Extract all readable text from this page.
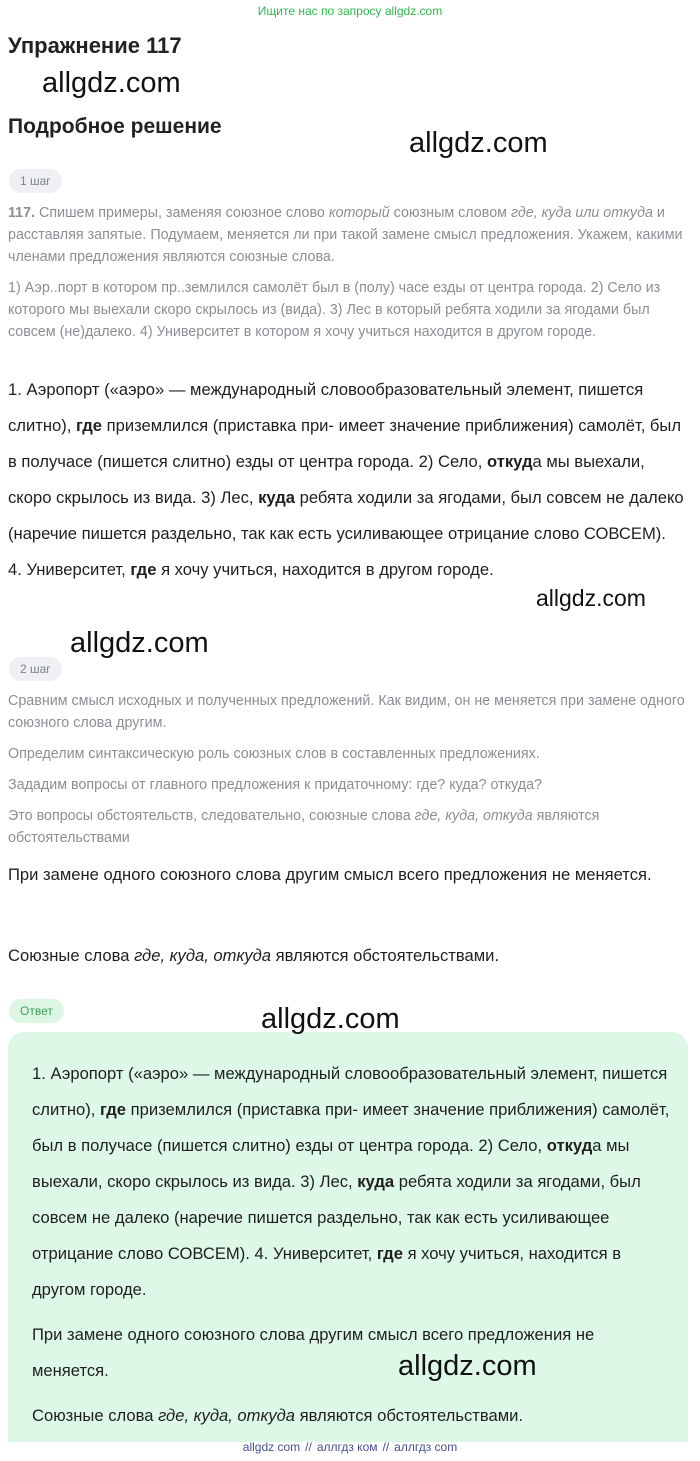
Ищите нас по запросу allgdz.com
Упражнение 117
Подробное решение
allgdz.com
allgdz.com
1 шаг

117. Спишем примеры, заменяя союзное слово который союзным словом где, куда или откуда и расставляя запятые. Подумаем, меняется ли при такой замене смысл предложения. Укажем, какими членами предложения являются союзные слова.

1) Аэр..порт в котором пр..землился самолёт был в (полу) часе езды от центра города. 2) Село из которого мы выехали скоро скрылось из (вида). 3) Лес в который ребята ходили за ягодами был совсем (не)далеко. 4) Университет в котором я хочу учиться находится в другом городе.

1. Аэропорт («аэро» — международный словообразовательный элемент, пишется слитно), где приземлился (приставка при- имеет значение приближения) самолёт, был в получасе (пишется слитно) езды от центра города. 2) Село, откуда мы выехали, скоро скрылось из вида. 3) Лес, куда ребята ходили за ягодами, был совсем не далеко (наречие пишется раздельно, так как есть усиливающее отрицание слово СОВСЕМ). 4. Университет, где я хочу учиться, находится в другом городе.

allgdz.com
allgdz.com
2 шаг

Сравним смысл исходных и полученных предложений. Как видим, он не меняется при замене одного союзного слова другим.

Определим синтаксическую роль союзных слов в составленных предложениях.

Зададим вопросы от главного предложения к придаточному: где? куда? откуда?

Это вопросы обстоятельств, следовательно, союзные слова где, куда, откуда являются обстоятельствами

При замене одного союзного слова другим смысл всего предложения не меняется.

Союзные слова где, куда, откуда являются обстоятельствами.

Ответ

1. Аэропорт («аэро» — международный словообразовательный элемент, пишется слитно), где приземлился (приставка при- имеет значение приближения) самолёт, был в получасе (пишется слитно) езды от центра города. 2) Село, откуда мы выехали, скоро скрылось из вида. 3) Лес, куда ребята ходили за ягодами, был совсем не далеко (наречие пишется раздельно, так как есть усиливающее отрицание слово СОВСЕМ). 4. Университет, где я хочу учиться, находится в другом городе.

При замене одного союзного слова другим смысл всего предложения не меняется.

Союзные слова где, куда, откуда являются обстоятельствами.

allgdz.com
allgdz.com
allgdz com // аллгдз ком // аллгдз com
